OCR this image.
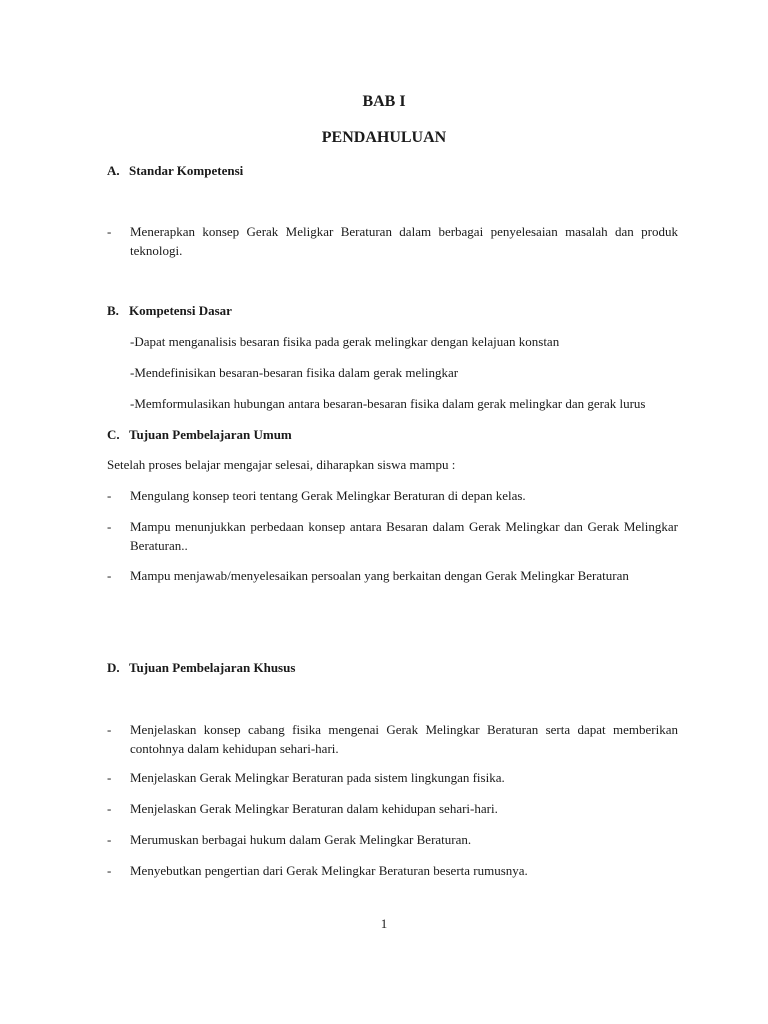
BAB I
PENDAHULUAN
A. Standar Kompetensi
- Menerapkan konsep Gerak Meligkar Beraturan dalam berbagai penyelesaian masalah dan produk teknologi.
B. Kompetensi Dasar
-Dapat menganalisis besaran fisika pada gerak melingkar dengan kelajuan konstan
-Mendefinisikan besaran-besaran fisika dalam gerak melingkar
-Memformulasikan hubungan antara besaran-besaran fisika dalam gerak melingkar dan gerak lurus
C. Tujuan Pembelajaran Umum
Setelah proses belajar mengajar selesai, diharapkan siswa mampu :
- Mengulang konsep teori tentang Gerak Melingkar Beraturan di depan kelas.
- Mampu menunjukkan perbedaan konsep antara Besaran dalam Gerak Melingkar dan Gerak Melingkar Beraturan..
- Mampu menjawab/menyelesaikan persoalan yang berkaitan dengan Gerak Melingkar Beraturan
D. Tujuan Pembelajaran Khusus
- Menjelaskan konsep cabang fisika mengenai Gerak Melingkar Beraturan serta dapat memberikan contohnya dalam kehidupan sehari-hari.
- Menjelaskan Gerak Melingkar Beraturan pada sistem lingkungan fisika.
- Menjelaskan Gerak Melingkar Beraturan dalam kehidupan sehari-hari.
- Merumuskan berbagai hukum dalam Gerak Melingkar Beraturan.
- Menyebutkan pengertian dari Gerak Melingkar Beraturan beserta rumusnya.
1
